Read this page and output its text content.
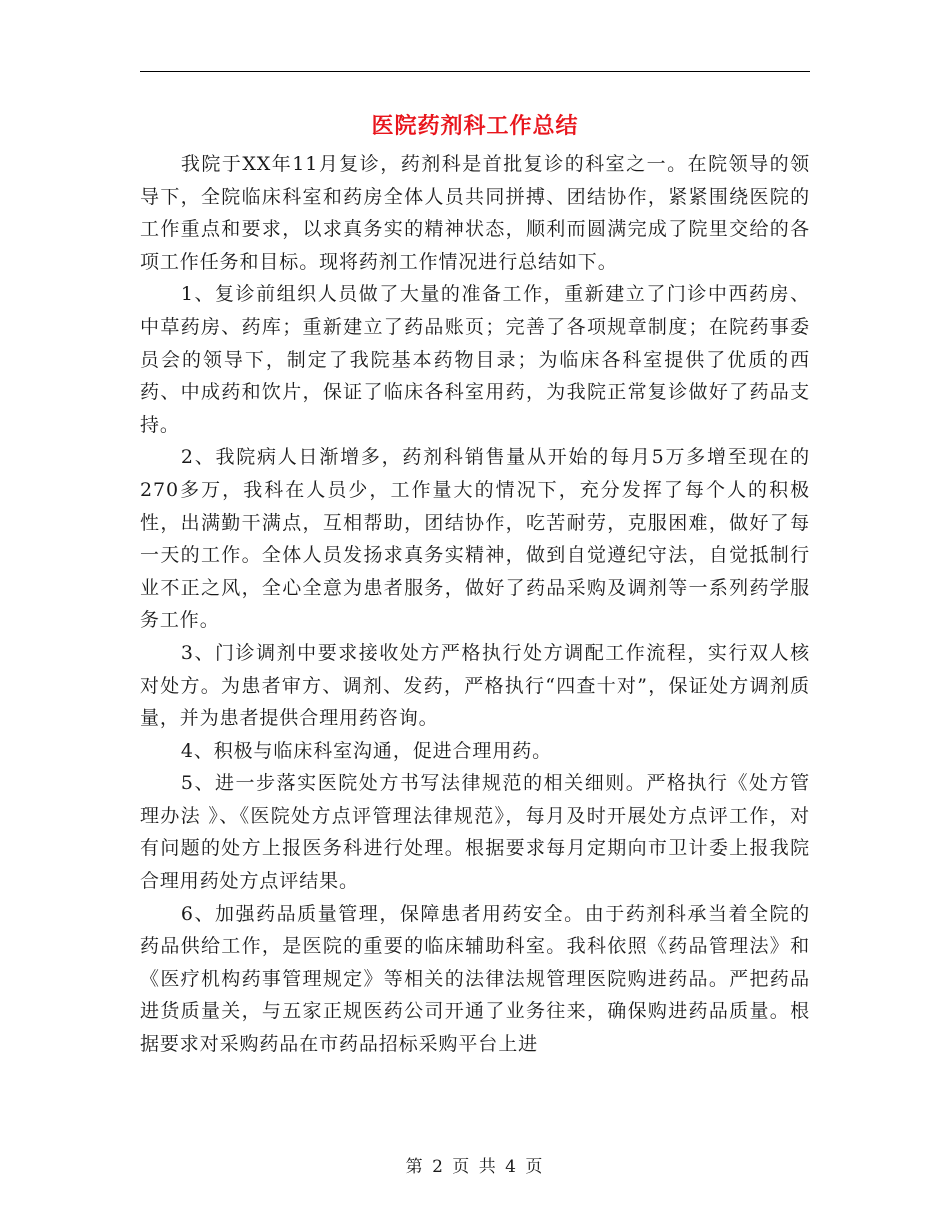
医院药剂科工作总结

我院于XX年11月复诊，药剂科是首批复诊的科室之一。在院领导的领导下，全院临床科室和药房全体人员共同拼搏、团结协作，紧紧围绕医院的工作重点和要求，以求真务实的精神状态，顺利而圆满完成了院里交给的各项工作任务和目标。现将药剂工作情况进行总结如下。

1、复诊前组织人员做了大量的准备工作，重新建立了门诊中西药房、中草药房、药库；重新建立了药品账页；完善了各项规章制度；在院药事委员会的领导下，制定了我院基本药物目录；为临床各科室提供了优质的西药、中成药和饮片，保证了临床各科室用药，为我院正常复诊做好了药品支持。

2、我院病人日渐增多，药剂科销售量从开始的每月5万多增至现在的270多万，我科在人员少，工作量大的情况下，充分发挥了每个人的积极性，出满勤干满点，互相帮助，团结协作，吃苦耐劳，克服困难，做好了每一天的工作。全体人员发扬求真务实精神，做到自觉遵纪守法，自觉抵制行业不正之风，全心全意为患者服务，做好了药品采购及调剂等一系列药学服务工作。

3、门诊调剂中要求接收处方严格执行处方调配工作流程，实行双人核对处方。为患者审方、调剂、发药，严格执行“四查十对”，保证处方调剂质量，并为患者提供合理用药咨询。

4、积极与临床科室沟通，促进合理用药。

5、进一步落实医院处方书写法律规范的相关细则。严格执行《处方管理办法 》、《医院处方点评管理法律规范》，每月及时开展处方点评工作，对有问题的处方上报医务科进行处理。根据要求每月定期向市卫计委上报我院合理用药处方点评结果。

6、加强药品质量管理，保障患者用药安全。由于药剂科承当着全院的药品供给工作，是医院的重要的临床辅助科室。我科依照《药品管理法》和《医疗机构药事管理规定》等相关的法律法规管理医院购进药品。严把药品进货质量关，与五家正规医药公司开通了业务往来，确保购进药品质量。根据要求对采购药品在市药品招标采购平台上进

第 2 页 共 4 页
